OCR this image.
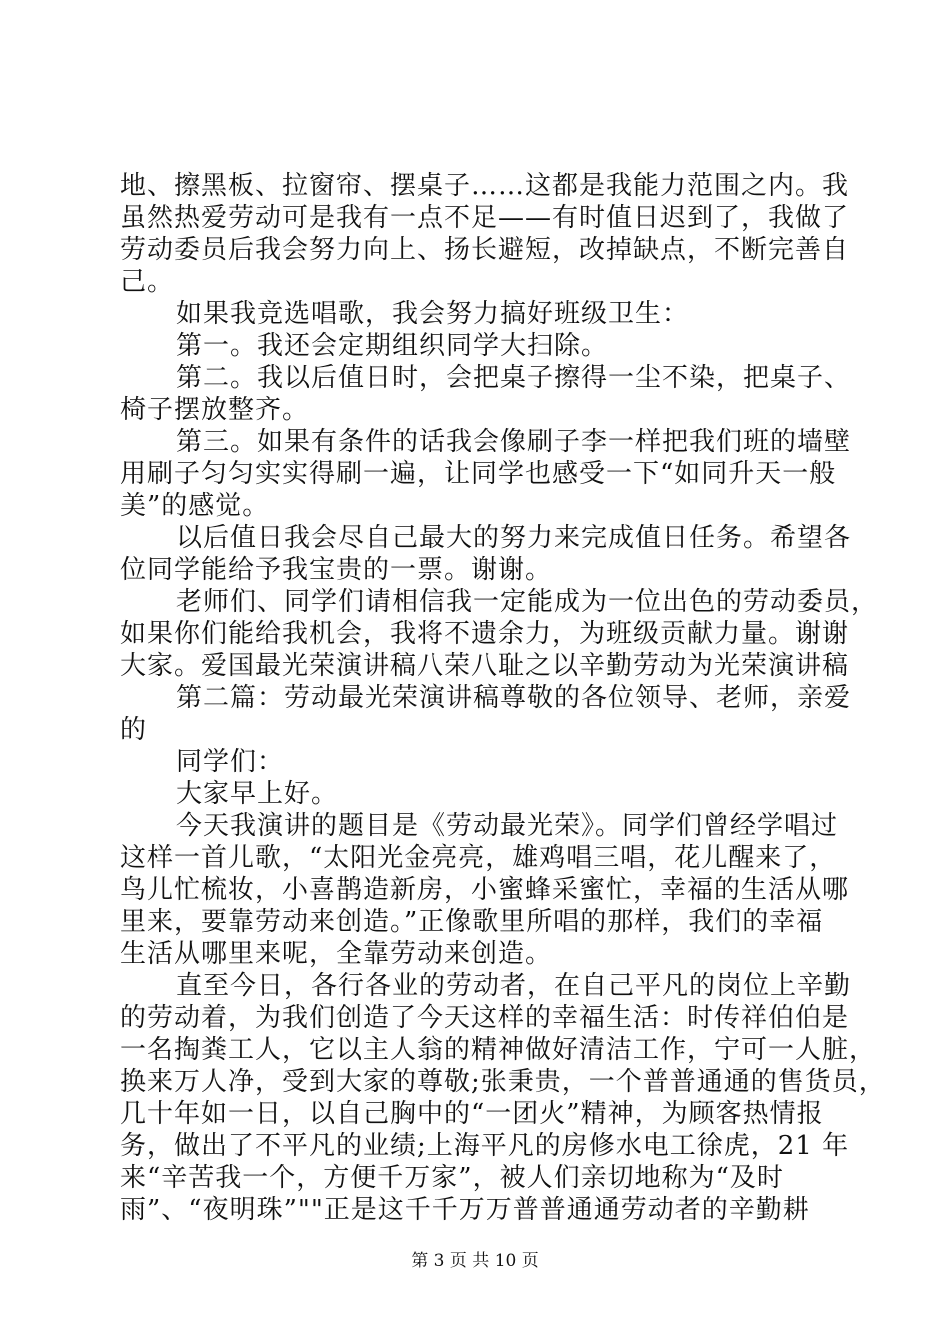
地、擦黑板、拉窗帘、摆桌子……这都是我能力范围之内。我
虽然热爱劳动可是我有一点不足——有时值日迟到了，我做了
劳动委员后我会努力向上、扬长避短，改掉缺点，不断完善自
己。
如果我竞选唱歌，我会努力搞好班级卫生：
第一。我还会定期组织同学大扫除。
第二。我以后值日时，会把桌子擦得一尘不染，把桌子、
椅子摆放整齐。
第三。如果有条件的话我会像刷子李一样把我们班的墙壁
用刷子匀匀实实得刷一遍，让同学也感受一下“如同升天一般
美”的感觉。
以后值日我会尽自己最大的努力来完成值日任务。希望各
位同学能给予我宝贵的一票。谢谢。
老师们、同学们请相信我一定能成为一位出色的劳动委员，
如果你们能给我机会，我将不遗余力，为班级贡献力量。谢谢
大家。爱国最光荣演讲稿八荣八耻之以辛勤劳动为光荣演讲稿
第二篇：劳动最光荣演讲稿尊敬的各位领导、老师，亲爱
的
同学们：
大家早上好。
今天我演讲的题目是《劳动最光荣》。同学们曾经学唱过
这样一首儿歌，“太阳光金亮亮，雄鸡唱三唱，花儿醒来了，
鸟儿忙梳妆，小喜鹊造新房，小蜜蜂采蜜忙，幸福的生活从哪
里来，要靠劳动来创造。”正像歌里所唱的那样，我们的幸福
生活从哪里来呢，全靠劳动来创造。
直至今日，各行各业的劳动者，在自己平凡的岗位上辛勤
的劳动着，为我们创造了今天这样的幸福生活：时传祥伯伯是
一名掏粪工人，它以主人翁的精神做好清洁工作，宁可一人脏，
换来万人净，受到大家的尊敬;张秉贵，一个普普通通的售货员，
几十年如一日，以自己胸中的“一团火”精神，为顾客热情报
务，做出了不平凡的业绩;上海平凡的房修水电工徐虎，21 年
来“辛苦我一个，方便千万家”，被人们亲切地称为“及时
雨”、“夜明珠”""正是这千千万万普普通通劳动者的辛勤耕
第 3 页 共 10 页
